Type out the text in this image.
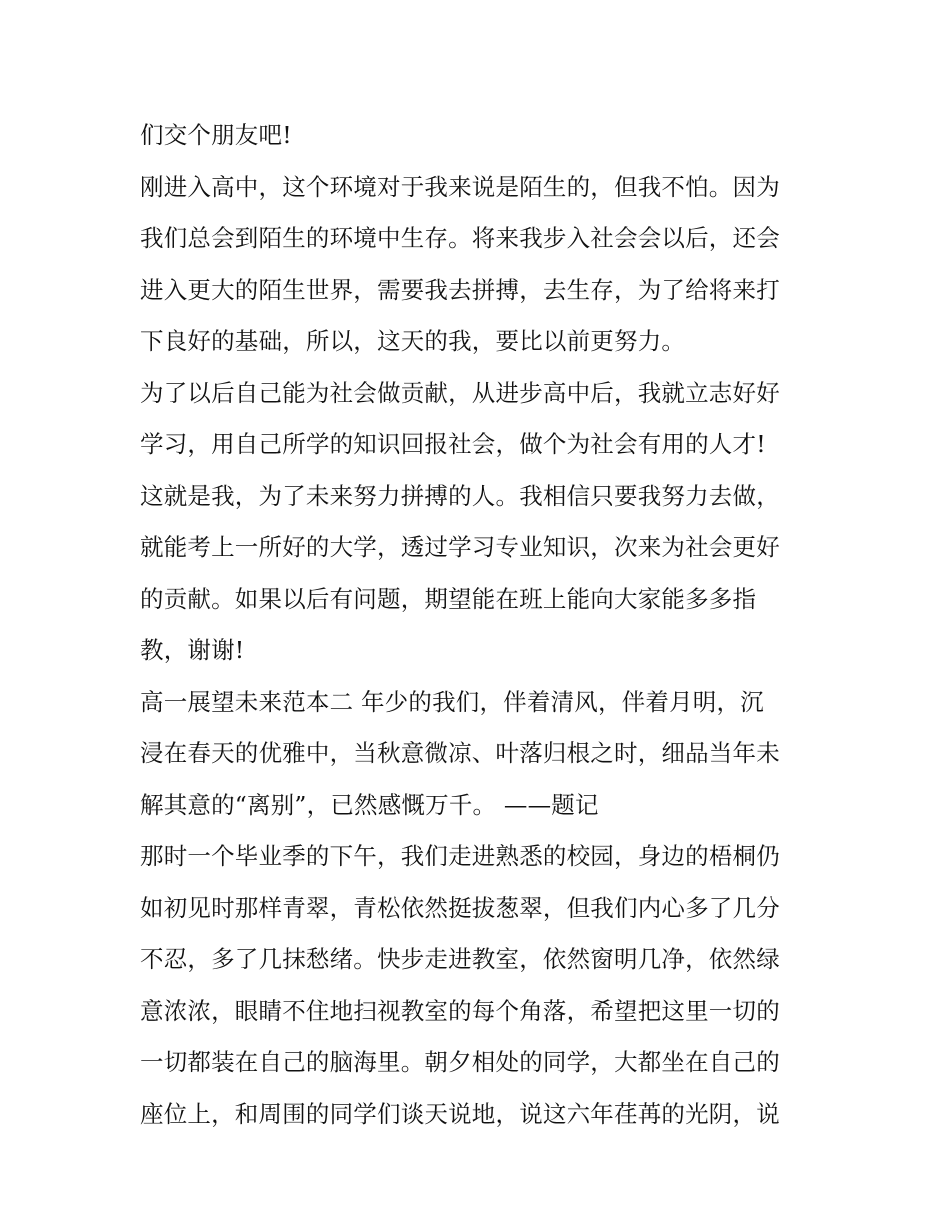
们交个朋友吧!
刚进入高中，这个环境对于我来说是陌生的，但我不怕。因为
我们总会到陌生的环境中生存。将来我步入社会会以后，还会
进入更大的陌生世界，需要我去拼搏，去生存，为了给将来打
下良好的基础，所以，这天的我，要比以前更努力。
为了以后自己能为社会做贡献，从进步高中后，我就立志好好
学习，用自己所学的知识回报社会，做个为社会有用的人才!
这就是我，为了未来努力拼搏的人。我相信只要我努力去做，
就能考上一所好的大学，透过学习专业知识，次来为社会更好
的贡献。如果以后有问题，期望能在班上能向大家能多多指
教，谢谢!
高一展望未来范本二 年少的我们，伴着清风，伴着月明，沉
浸在春天的优雅中，当秋意微凉、叶落归根之时，细品当年未
解其意的“离别”，已然感慨万千。 ——题记
那时一个毕业季的下午，我们走进熟悉的校园，身边的梧桐仍
如初见时那样青翠，青松依然挺拔葱翠，但我们内心多了几分
不忍，多了几抹愁绪。快步走进教室，依然窗明几净，依然绿
意浓浓，眼睛不住地扫视教室的每个角落，希望把这里一切的
一切都装在自己的脑海里。朝夕相处的同学，大都坐在自己的
座位上，和周围的同学们谈天说地，说这六年荏苒的光阴，说
